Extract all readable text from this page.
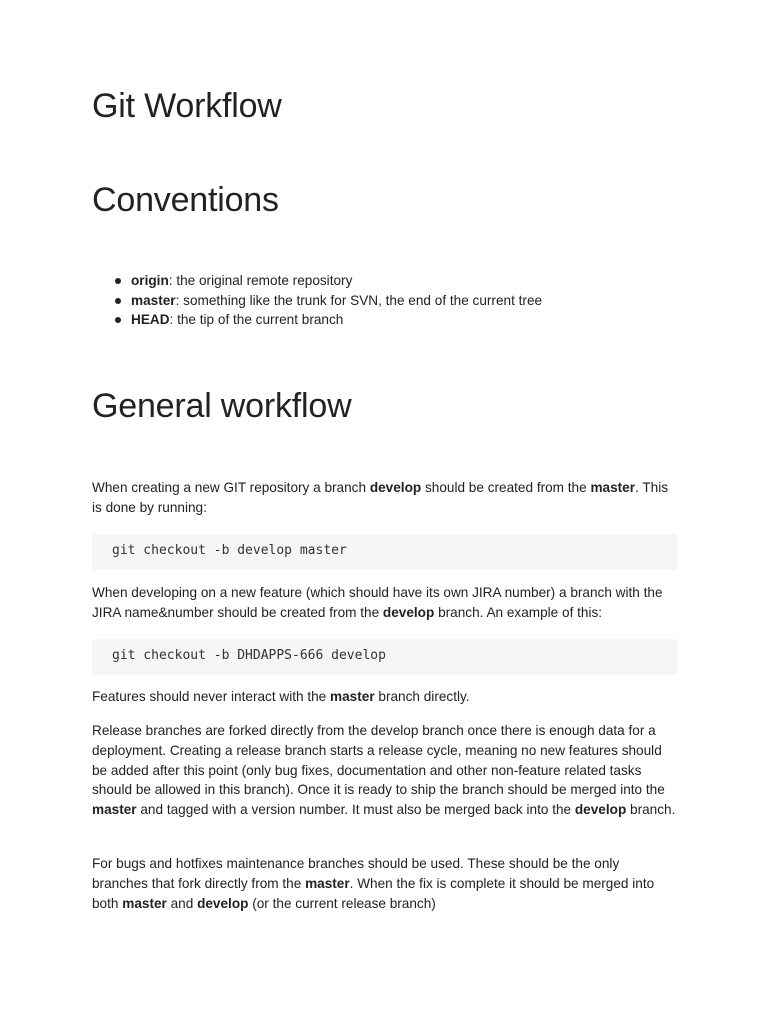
Git Workflow
Conventions
origin: the original remote repository
master: something like the trunk for SVN, the end of the current tree
HEAD: the tip of the current branch
General workflow

When creating a new GIT repository a branch develop should be created from the master. This is done by running:

git checkout -b develop master

When developing on a new feature (which should have its own JIRA number) a branch with the JIRA name&number should be created from the develop branch. An example of this:

git checkout -b DHDAPPS-666 develop

Features should never interact with the master branch directly.

Release branches are forked directly from the develop branch once there is enough data for a deployment. Creating a release branch starts a release cycle, meaning no new features should be added after this point (only bug fixes, documentation and other non-feature related tasks should be allowed in this branch). Once it is ready to ship the branch should be merged into the master and tagged with a version number. It must also be merged back into the develop branch.

For bugs and hotfixes maintenance branches should be used. These should be the only branches that fork directly from the master. When the fix is complete it should be merged into both master and develop (or the current release branch)
